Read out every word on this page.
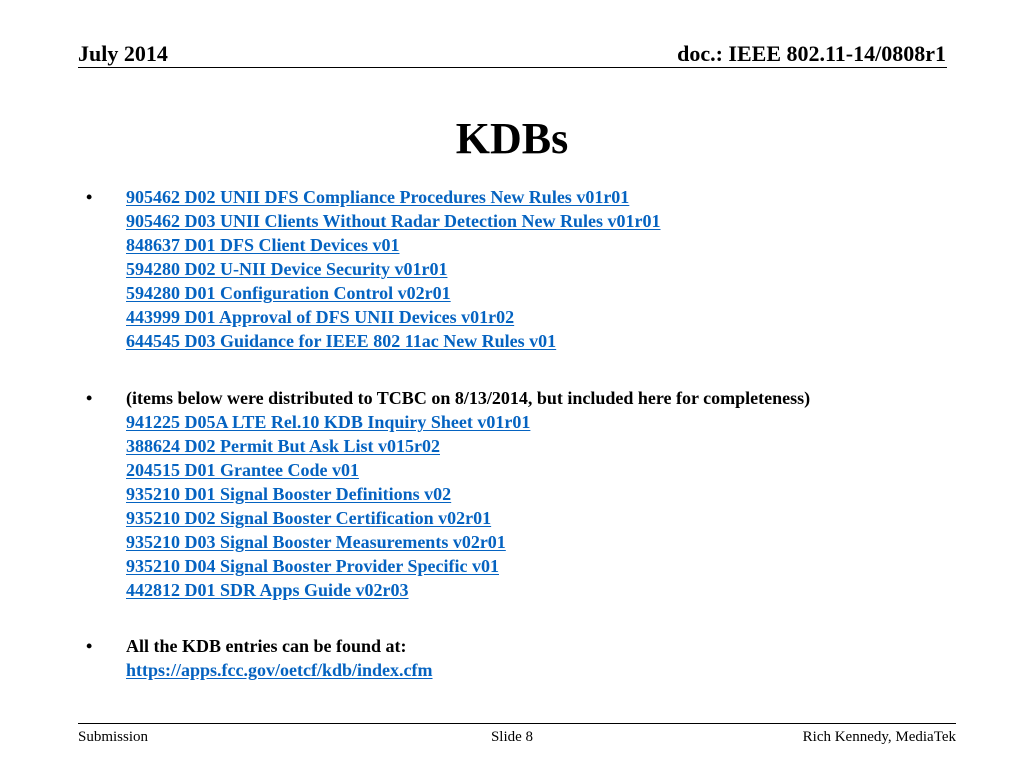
July 2014	doc.: IEEE 802.11-14/0808r1
KDBs
• 905462 D02 UNII DFS Compliance Procedures New Rules v01r01
905462 D03 UNII Clients Without Radar Detection New Rules v01r01
848637 D01 DFS Client Devices v01
594280 D02 U-NII Device Security v01r01
594280 D01 Configuration Control v02r01
443999 D01 Approval of DFS UNII Devices v01r02
644545 D03 Guidance for IEEE 802 11ac New Rules v01
• (items below were distributed to TCBC on 8/13/2014, but included here for completeness)
941225 D05A LTE Rel.10 KDB Inquiry Sheet v01r01
388624 D02 Permit But Ask List v015r02
204515 D01 Grantee Code v01
935210 D01 Signal Booster Definitions v02
935210 D02 Signal Booster Certification v02r01
935210 D03 Signal Booster Measurements v02r01
935210 D04 Signal Booster Provider Specific v01
442812 D01 SDR Apps Guide v02r03
• All the KDB entries can be found at:
https://apps.fcc.gov/oetcf/kdb/index.cfm
Submission	Slide 8	Rich Kennedy, MediaTek
